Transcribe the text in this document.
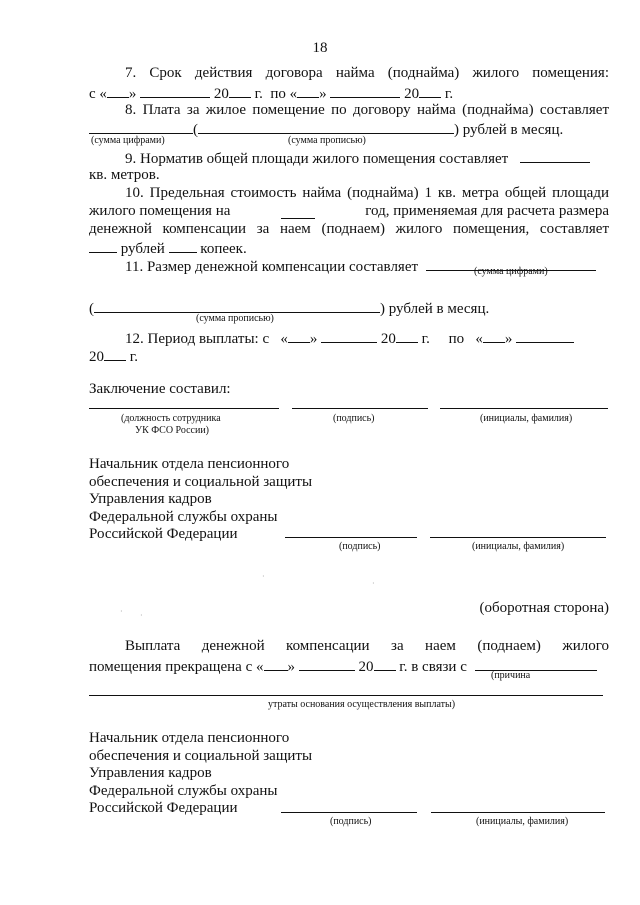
18
7. Срок действия договора найма (поднайма) жилого помещения:
с « »	20 г. по « »	20 г.
8. Плата за жилое помещение по договору найма (поднайма) составляет
(	) рублей в месяц.
(сумма цифрами)	(сумма прописью)
9. Норматив общей площади жилого помещения составляет
кв. метров.
10. Предельная стоимость найма (поднайма) 1 кв. метра общей площади
жилого помещения на	год, применяемая для расчета размера
денежной компенсации за наем (поднаем) жилого помещения, составляет
рублей копеек.
11. Размер денежной компенсации составляет	(сумма цифрами)
(	) рублей в месяц.
(сумма прописью)
12. Период выплаты: с « »	20 г. по « »
20 г.
Заключение составил:
(должность сотрудника
УК ФСО России)
(подпись)	(инициалы, фамилия)
Начальник отдела пенсионного
обеспечения и социальной защиты
Управления кадров
Федеральной службы охраны
Российской Федерации
(подпись)	(инициалы, фамилия)
·
·
· ·	(оборотная сторона)
Выплата денежной компенсации за наем (поднаем) жилого
помещения прекращена с « »	20 г. в связи с
(причина
утраты основания осуществления выплаты)
Начальник отдела пенсионного
обеспечения и социальной защиты
Управления кадров
Федеральной службы охраны
Российской Федерации
(подпись)	(инициалы, фамилия)
